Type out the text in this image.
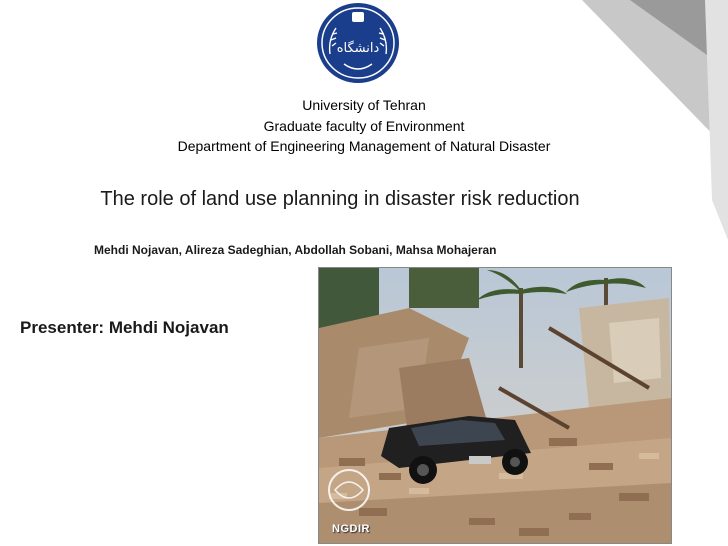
دانشگاه
University of Tehran
Graduate faculty of Environment
Department of Engineering Management of Natural Disaster
The role of land use planning in disaster risk reduction
Mehdi Nojavan, Alireza Sadeghian, Abdollah Sobani, Mahsa Mohajeran
Presenter: Mehdi Nojavan
NGDIR
